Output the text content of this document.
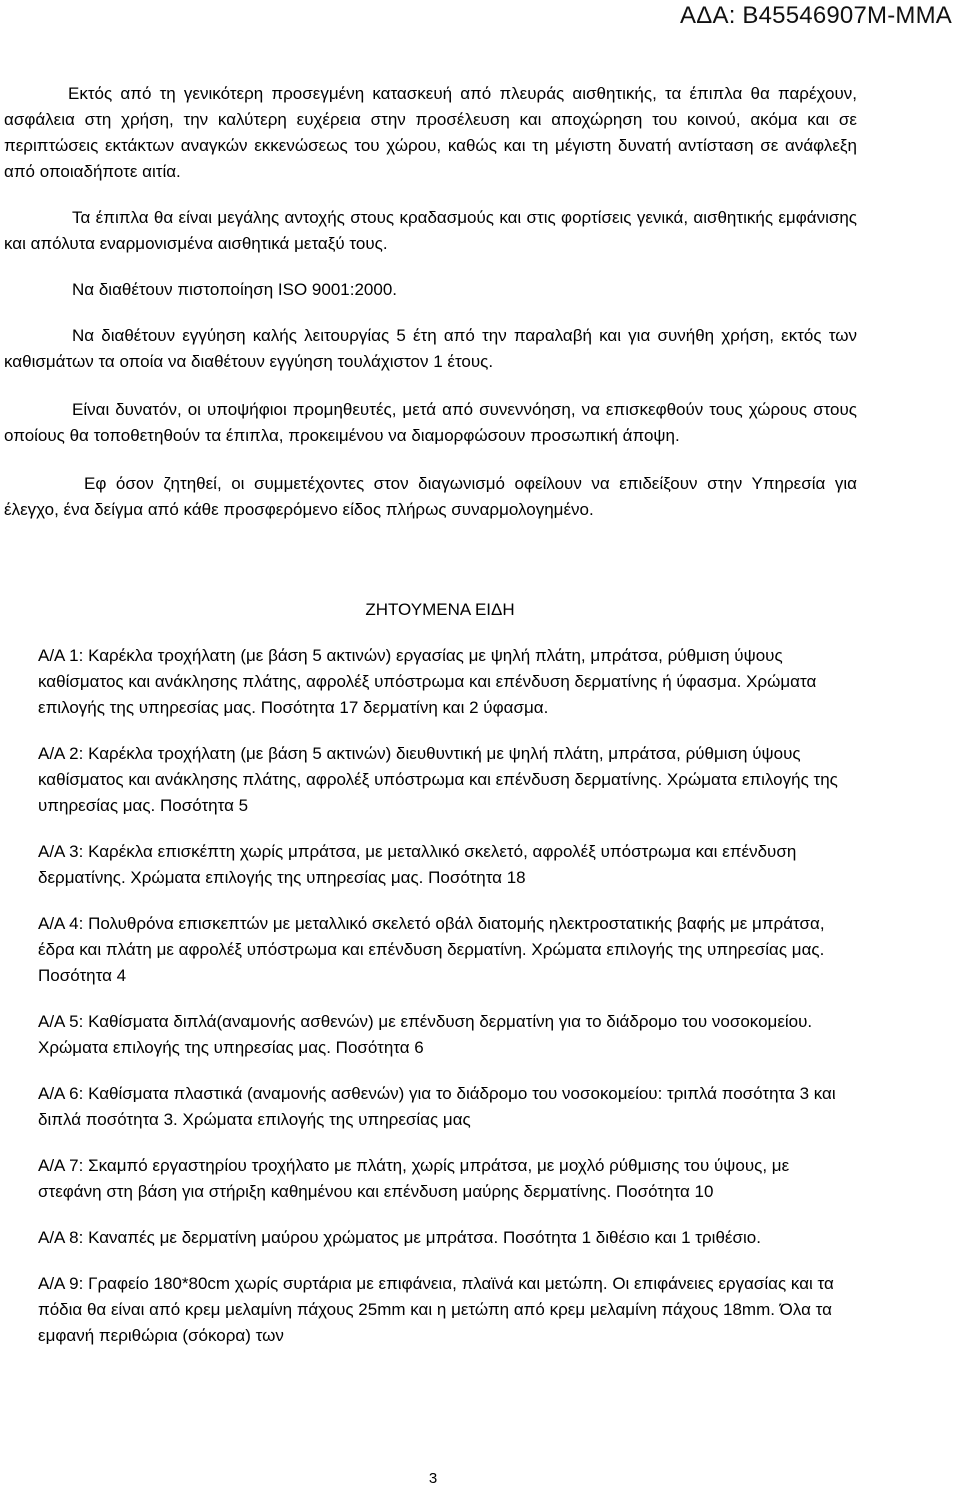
ΑΔΑ: Β45546907Μ-ΜΜΑ

Εκτός από τη γενικότερη προσεγμένη κατασκευή από πλευράς αισθητικής, τα έπιπλα θα παρέχουν, ασφάλεια στη χρήση, την καλύτερη ευχέρεια στην προσέλευση και αποχώρηση του κοινού, ακόμα και σε περιπτώσεις εκτάκτων αναγκών εκκενώσεως του χώρου, καθώς και τη μέγιστη δυνατή αντίσταση σε ανάφλεξη από οποιαδήποτε αιτία.

Τα έπιπλα θα είναι μεγάλης αντοχής στους κραδασμούς και στις φορτίσεις γενικά, αισθητικής εμφάνισης και απόλυτα εναρμονισμένα αισθητικά μεταξύ τους.

Να διαθέτουν πιστοποίηση ISO 9001:2000.

Να διαθέτουν εγγύηση καλής λειτουργίας 5 έτη από την παραλαβή και για συνήθη χρήση, εκτός των καθισμάτων τα οποία να διαθέτουν εγγύηση τουλάχιστον 1 έτους.

Είναι δυνατόν, οι υποψήφιοι προμηθευτές, μετά από συνεννόηση, να επισκεφθούν τους χώρους στους οποίους θα τοποθετηθούν τα έπιπλα, προκειμένου να διαμορφώσουν προσωπική άποψη.

Εφ όσον ζητηθεί, οι συμμετέχοντες στον διαγωνισμό οφείλουν να επιδείξουν στην Υπηρεσία για έλεγχο, ένα δείγμα από κάθε προσφερόμενο είδος πλήρως συναρμολογημένο.

ΖΗΤΟΥΜΕΝΑ ΕΙΔΗ

Α/Α 1: Καρέκλα τροχήλατη (με βάση 5 ακτινών) εργασίας με ψηλή πλάτη, μπράτσα, ρύθμιση ύψους καθίσματος και ανάκλησης πλάτης, αφρολέξ υπόστρωμα και επένδυση δερματίνης ή ύφασμα. Χρώματα επιλογής της υπηρεσίας μας. Ποσότητα 17 δερματίνη και 2 ύφασμα.

Α/Α 2: Καρέκλα τροχήλατη (με βάση 5 ακτινών) διευθυντική με ψηλή πλάτη, μπράτσα, ρύθμιση ύψους καθίσματος και ανάκλησης πλάτης, αφρολέξ υπόστρωμα και επένδυση δερματίνης. Χρώματα επιλογής της υπηρεσίας μας. Ποσότητα 5

Α/Α 3: Καρέκλα επισκέπτη χωρίς μπράτσα, με μεταλλικό σκελετό, αφρολέξ υπόστρωμα και επένδυση δερματίνης. Χρώματα επιλογής της υπηρεσίας μας. Ποσότητα 18

Α/Α 4: Πολυθρόνα επισκεπτών με μεταλλικό σκελετό οβάλ διατομής ηλεκτροστατικής βαφής με μπράτσα, έδρα και πλάτη με αφρολέξ υπόστρωμα και επένδυση δερματίνη. Χρώματα επιλογής της υπηρεσίας μας. Ποσότητα 4

Α/Α 5: Καθίσματα διπλά(αναμονής ασθενών) με επένδυση δερματίνη για το διάδρομο του νοσοκομείου. Χρώματα επιλογής της υπηρεσίας μας. Ποσότητα 6

Α/Α 6: Καθίσματα πλαστικά (αναμονής ασθενών) για το διάδρομο του νοσοκομείου: τριπλά ποσότητα 3 και διπλά ποσότητα 3. Χρώματα επιλογής της υπηρεσίας μας

Α/Α 7: Σκαμπό εργαστηρίου τροχήλατο με πλάτη, χωρίς μπράτσα, με μοχλό ρύθμισης του ύψους, με στεφάνη στη βάση για στήριξη καθημένου και επένδυση μαύρης δερματίνης. Ποσότητα 10

Α/Α 8: Καναπές με δερματίνη μαύρου χρώματος με μπράτσα. Ποσότητα 1 διθέσιο και 1 τριθέσιο.

Α/Α 9: Γραφείο 180*80cm χωρίς συρτάρια με επιφάνεια, πλαϊνά και μετώπη. Οι επιφάνειες εργασίας και τα πόδια θα είναι από κρεμ μελαμίνη πάχους 25mm και η μετώπη από κρεμ μελαμίνη πάχους 18mm. Όλα τα εμφανή περιθώρια (σόκορα) των

3
